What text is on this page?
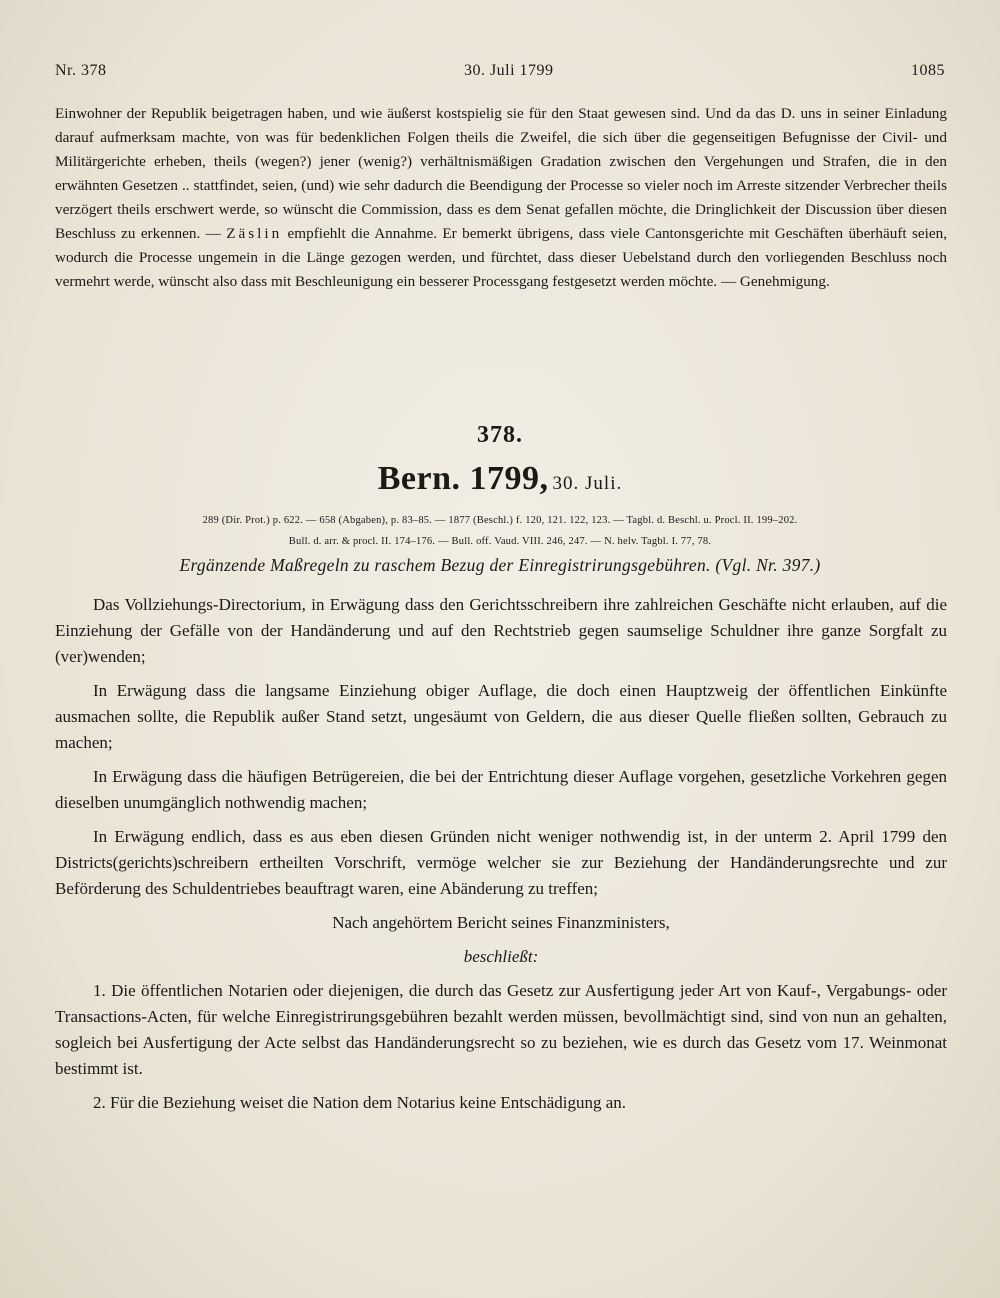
Nr. 378	30. Juli 1799	1085
Einwohner der Republik beigetragen haben, und wie äußerst kostspielig sie für den Staat gewesen sind. Und da das D. uns in seiner Einladung darauf aufmerksam machte, von was für bedenklichen Folgen theils die Zweifel, die sich über die gegenseitigen Befugnisse der Civil- und Militärgerichte erheben, theils (wegen?) jener (wenig?) verhältnismäßigen Gradation zwischen den Vergehungen und Strafen, die in den erwähnten Gesetzen .. stattfindet, seien, (und) wie sehr dadurch die Beendigung der Processe so vieler noch im Arreste sitzender Verbrecher theils verzögert theils erschwert werde, so wünscht die Commission, dass es dem Senat gefallen möchte, die Dringlichkeit der Discussion über diesen Beschluss zu erkennen. — Zäslin empfiehlt die Annahme. Er bemerkt übrigens, dass viele Cantonsgerichte mit Geschäften überhäuft seien, wodurch die Processe ungemein in die Länge gezogen werden, und fürchtet, dass dieser Uebelstand durch den vorliegenden Beschluss noch vermehrt werde, wünscht also dass mit Beschleunigung ein besserer Processgang festgesetzt werden möchte. — Genehmigung.
378.
Bern. 1799, 30. Juli.
289 (Dir. Prot.) p. 622. — 658 (Abgaben), p. 83–85. — 1877 (Beschl.) f. 120, 121. 122, 123. — Tagbl. d. Beschl. u. Procl. II. 199–202.
Bull. d. arr. & procl. II. 174–176. — Bull. off. Vaud. VIII. 246, 247. — N. helv. Tagbl. I. 77, 78.
Ergänzende Maßregeln zu raschem Bezug der Einregistrirungsgebühren. (Vgl. Nr. 397.)

Das Vollziehungs-Directorium, in Erwägung dass den Gerichtsschreibern ihre zahlreichen Geschäfte nicht erlauben, auf die Einziehung der Gefälle von der Handänderung und auf den Rechtstrieb gegen saumselige Schuldner ihre ganze Sorgfalt zu (ver)wenden;

In Erwägung dass die langsame Einziehung obiger Auflage, die doch einen Hauptzweig der öffentlichen Einkünfte ausmachen sollte, die Republik außer Stand setzt, ungesäumt von Geldern, die aus dieser Quelle fließen sollten, Gebrauch zu machen;

In Erwägung dass die häufigen Betrügereien, die bei der Entrichtung dieser Auflage vorgehen, gesetzliche Vorkehren gegen dieselben unumgänglich nothwendig machen;

In Erwägung endlich, dass es aus eben diesen Gründen nicht weniger nothwendig ist, in der unterm 2. April 1799 den Districts(gerichts)schreibern ertheilten Vorschrift, vermöge welcher sie zur Beziehung der Handänderungsrechte und zur Beförderung des Schuldentriebes beauftragt waren, eine Abänderung zu treffen;

Nach angehörtem Bericht seines Finanzministers,

beschließt:

1. Die öffentlichen Notarien oder diejenigen, die durch das Gesetz zur Ausfertigung jeder Art von Kauf-, Vergabungs- oder Transactions-Acten, für welche Einregistrirungsgebühren bezahlt werden müssen, bevollmächtigt sind, sind von nun an gehalten, sogleich bei Ausfertigung der Acte selbst das Handänderungsrecht so zu beziehen, wie es durch das Gesetz vom 17. Weinmonat bestimmt ist.

2. Für die Beziehung weiset die Nation dem Notarius keine Entschädigung an.
